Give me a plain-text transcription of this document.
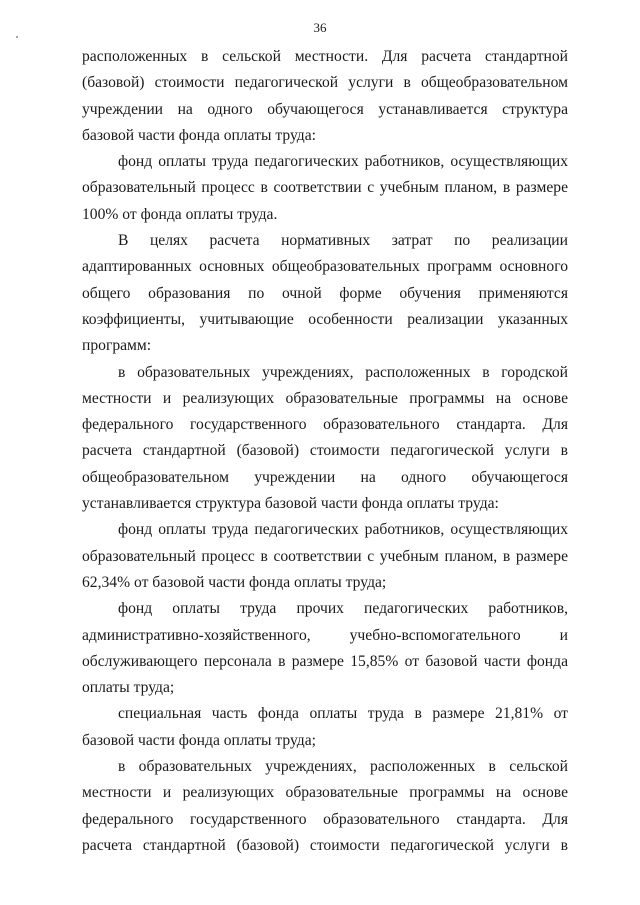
36

расположенных в сельской местности. Для расчета стандартной (базовой) стоимости педагогической услуги в общеобразовательном учреждении на одного обучающегося устанавливается структура базовой части фонда оплаты труда:

фонд оплаты труда педагогических работников, осуществляющих образовательный процесс в соответствии с учебным планом, в размере 100% от фонда оплаты труда.

В целях расчета нормативных затрат по реализации адаптированных основных общеобразовательных программ основного общего образования по очной форме обучения применяются коэффициенты, учитывающие особенности реализации указанных программ:

в образовательных учреждениях, расположенных в городской местности и реализующих образовательные программы на основе федерального государственного образовательного стандарта. Для расчета стандартной (базовой) стоимости педагогической услуги в общеобразовательном учреждении на одного обучающегося устанавливается структура базовой части фонда оплаты труда:

фонд оплаты труда педагогических работников, осуществляющих образовательный процесс в соответствии с учебным планом, в размере 62,34% от базовой части фонда оплаты труда;

фонд оплаты труда прочих педагогических работников, административно-хозяйственного, учебно-вспомогательного и обслуживающего персонала в размере 15,85% от базовой части фонда оплаты труда;

специальная часть фонда оплаты труда в размере 21,81% от базовой части фонда оплаты труда;

в образовательных учреждениях, расположенных в сельской местности и реализующих образовательные программы на основе федерального государственного образовательного стандарта. Для расчета стандартной (базовой) стоимости педагогической услуги в
